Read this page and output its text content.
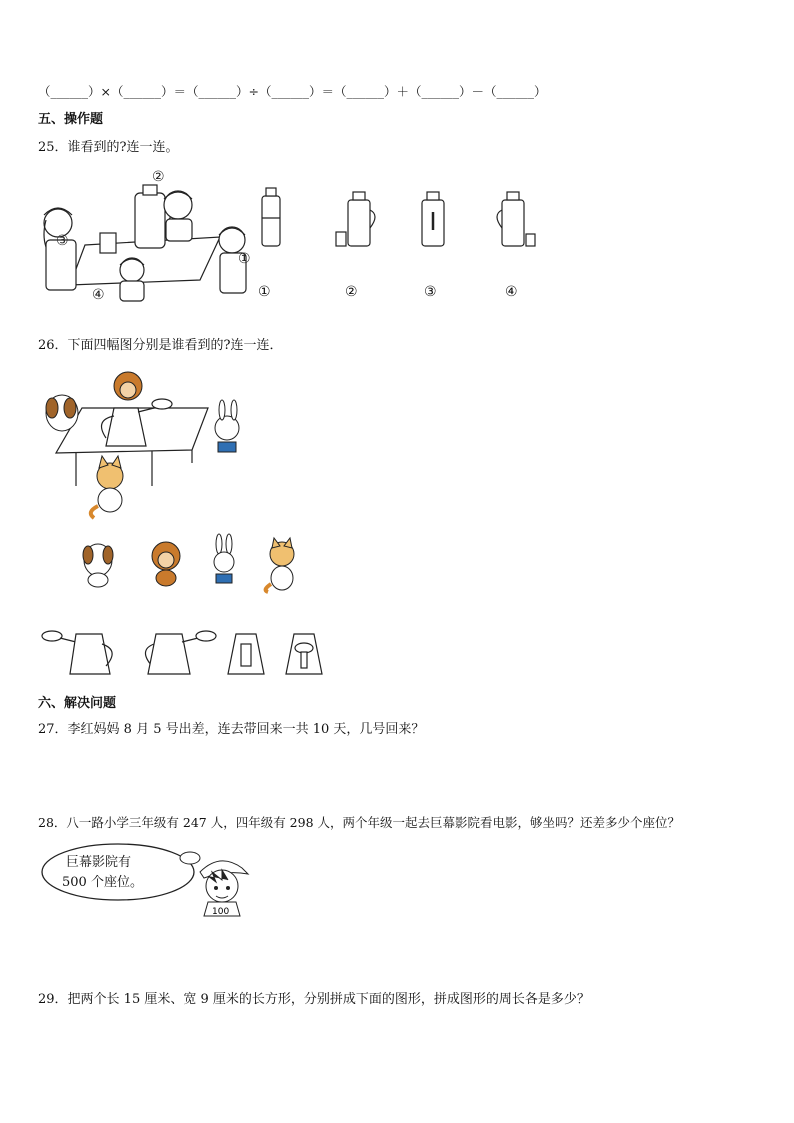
（______）×（______）＝（______）÷（______）＝（______）＋（______）－（______）
五、操作题
25．谁看到的?连一连。
②
③
①
④	①	②	③	④
26．下面四幅图分别是谁看到的?连一连．
六、解决问题
27．李红妈妈 8 月 5 号出差，连去带回来一共 10 天，几号回来？
28．八一路小学三年级有 247 人，四年级有 298 人，两个年级一起去巨幕影院看电影，够坐吗？还差多少个座位？
巨幕影院有
500 个座位。
100
29．把两个长 15 厘米、宽 9 厘米的长方形，分别拼成下面的图形，拼成图形的周长各是多少？
